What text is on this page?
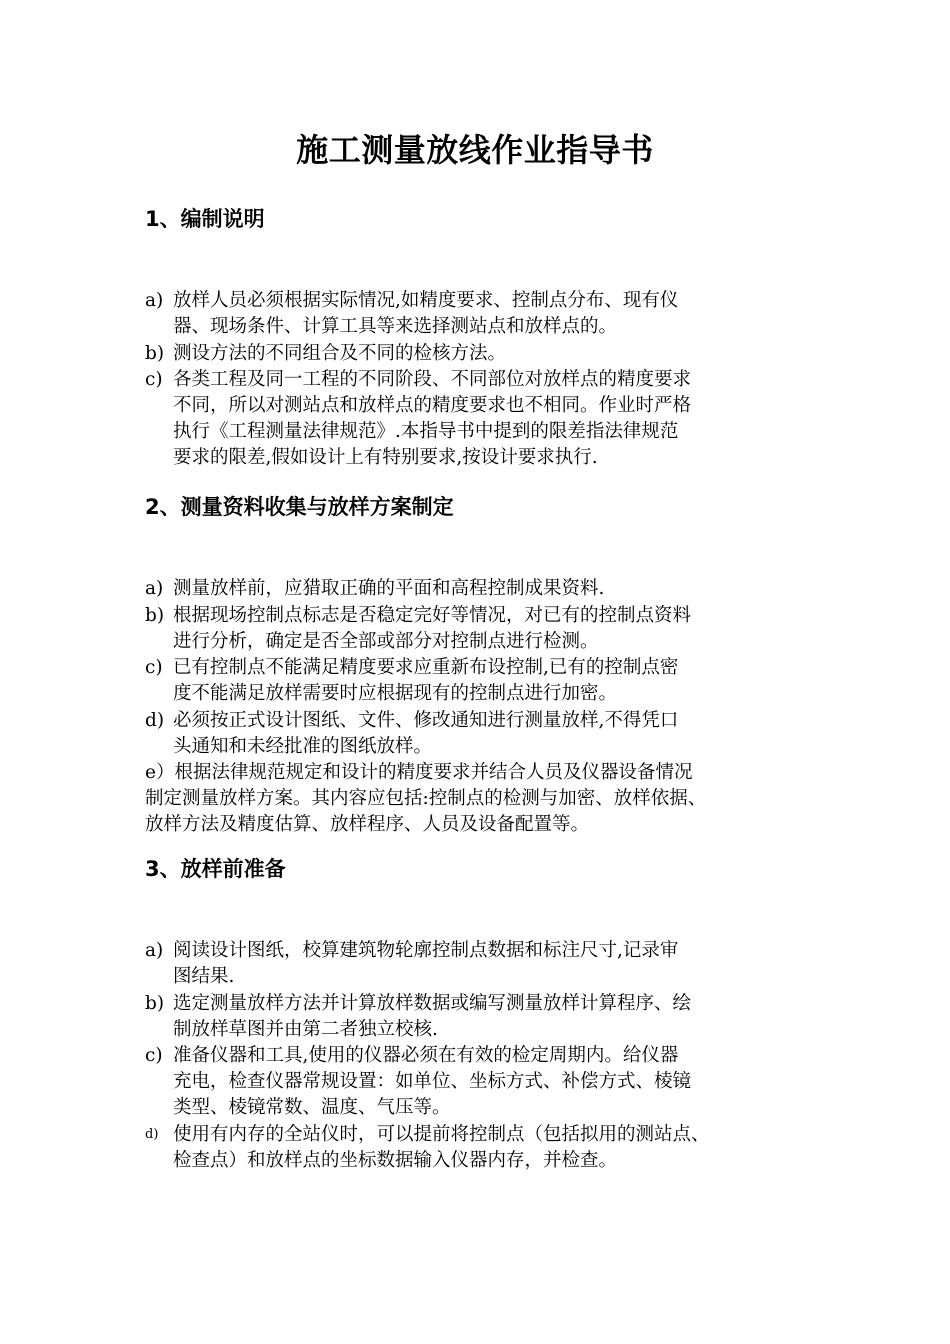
施工测量放线作业指导书
1、编制说明
a) 放样人员必须根据实际情况,如精度要求、控制点分布、现有仪
器、现场条件、计算工具等来选择测站点和放样点的。
b) 测设方法的不同组合及不同的检核方法。
c) 各类工程及同一工程的不同阶段、不同部位对放样点的精度要求
不同，所以对测站点和放样点的精度要求也不相同。作业时严格
执行《工程测量法律规范》.本指导书中提到的限差指法律规范
要求的限差,假如设计上有特别要求,按设计要求执行.
2、测量资料收集与放样方案制定
a) 测量放样前，应猎取正确的平面和高程控制成果资料.
b) 根据现场控制点标志是否稳定完好等情况，对已有的控制点资料
进行分析，确定是否全部或部分对控制点进行检测。
c) 已有控制点不能满足精度要求应重新布设控制,已有的控制点密
度不能满足放样需要时应根据现有的控制点进行加密。
d) 必须按正式设计图纸、文件、修改通知进行测量放样,不得凭口
头通知和未经批准的图纸放样。

e）根据法律规范规定和设计的精度要求并结合人员及仪器设备情况
制定测量放样方案。其内容应包括:控制点的检测与加密、放样依据、
放样方法及精度估算、放样程序、人员及设备配置等。

3、放样前准备
a) 阅读设计图纸，校算建筑物轮廓控制点数据和标注尺寸,记录审
图结果.
b) 选定测量放样方法并计算放样数据或编写测量放样计算程序、绘
制放样草图并由第二者独立校核.
c) 准备仪器和工具,使用的仪器必须在有效的检定周期内。给仪器
充电，检查仪器常规设置：如单位、坐标方式、补偿方式、棱镜
类型、棱镜常数、温度、气压等。
d) 使用有内存的全站仪时，可以提前将控制点（包括拟用的测站点、
检查点）和放样点的坐标数据输入仪器内存，并检查。
